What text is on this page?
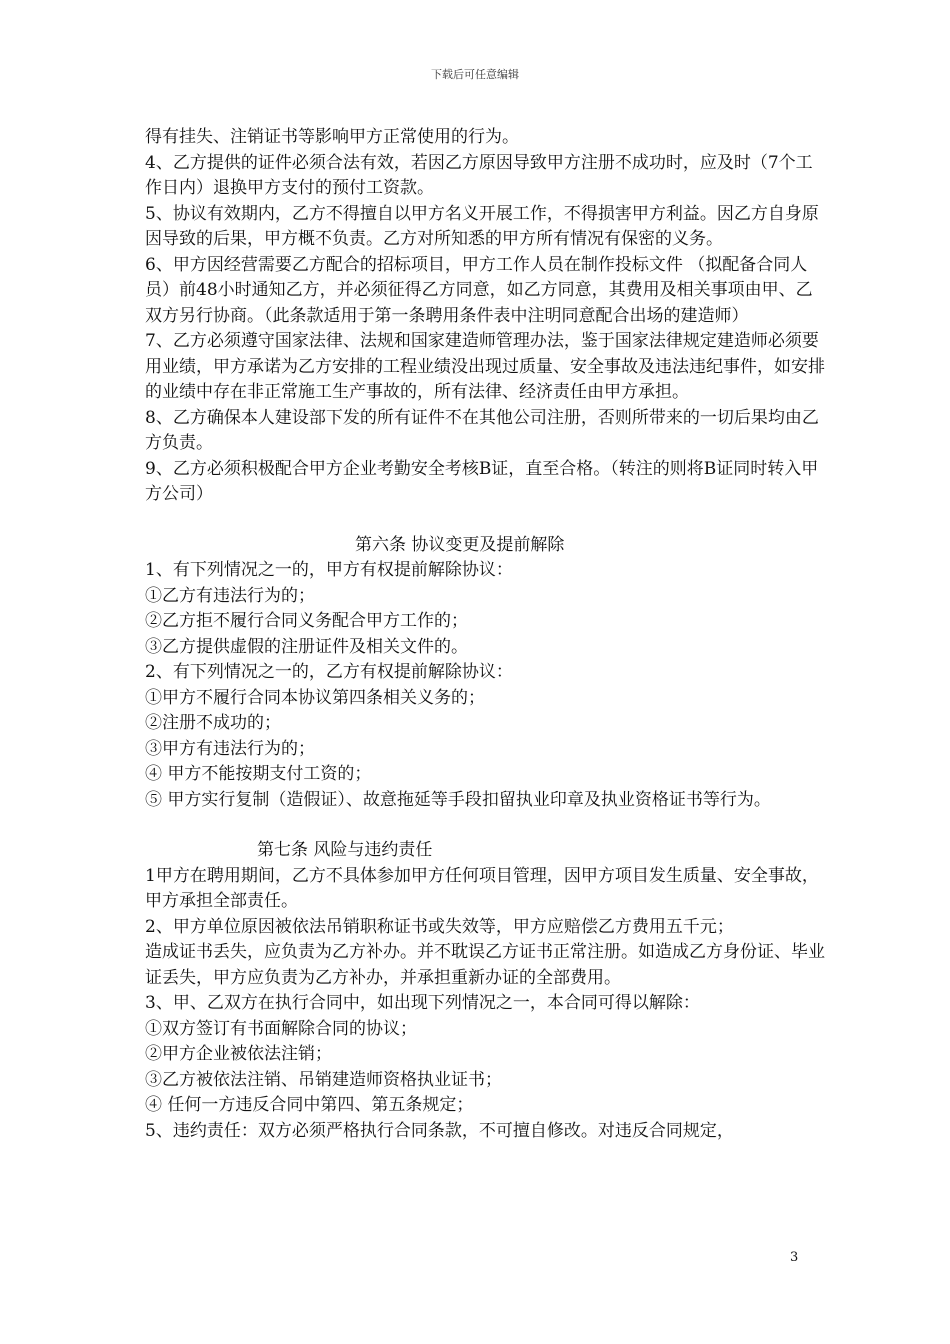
下载后可任意编辑

得有挂失、注销证书等影响甲方正常使用的行为。

4、乙方提供的证件必须合法有效，若因乙方原因导致甲方注册不成功时，应及时（7个工作日内）退换甲方支付的预付工资款。

5、协议有效期内，乙方不得擅自以甲方名义开展工作，不得损害甲方利益。因乙方自身原因导致的后果，甲方概不负责。乙方对所知悉的甲方所有情况有保密的义务。

6、甲方因经营需要乙方配合的招标项目，甲方工作人员在制作投标文件 （拟配备合同人员）前48小时通知乙方，并必须征得乙方同意，如乙方同意，其费用及相关事项由甲、乙双方另行协商。（此条款适用于第一条聘用条件表中注明同意配合出场的建造师）

7、乙方必须遵守国家法律、法规和国家建造师管理办法，鉴于国家法律规定建造师必须要用业绩，甲方承诺为乙方安排的工程业绩没出现过质量、安全事故及违法违纪事件，如安排的业绩中存在非正常施工生产事故的，所有法律、经济责任由甲方承担。

8、乙方确保本人建设部下发的所有证件不在其他公司注册，否则所带来的一切后果均由乙方负责。

9、乙方必须积极配合甲方企业考勤安全考核B证，直至合格。（转注的则将B证同时转入甲方公司）

第六条 协议变更及提前解除

1、有下列情况之一的，甲方有权提前解除协议：

①乙方有违法行为的；

②乙方拒不履行合同义务配合甲方工作的；

③乙方提供虚假的注册证件及相关文件的。

2、有下列情况之一的，乙方有权提前解除协议：

①甲方不履行合同本协议第四条相关义务的；

②注册不成功的；

③甲方有违法行为的；

④ 甲方不能按期支付工资的；

⑤ 甲方实行复制（造假证）、故意拖延等手段扣留执业印章及执业资格证书等行为。

第七条 风险与违约责任

1甲方在聘用期间，乙方不具体参加甲方任何项目管理，因甲方项目发生质量、安全事故，甲方承担全部责任。

2、甲方单位原因被依法吊销职称证书或失效等，甲方应赔偿乙方费用五千元；

造成证书丢失，应负责为乙方补办。并不耽误乙方证书正常注册。如造成乙方身份证、毕业证丢失，甲方应负责为乙方补办，并承担重新办证的全部费用。

3、甲、乙双方在执行合同中，如出现下列情况之一，本合同可得以解除：

①双方签订有书面解除合同的协议；

②甲方企业被依法注销；

③乙方被依法注销、吊销建造师资格执业证书；

④ 任何一方违反合同中第四、第五条规定；

5、违约责任：双方必须严格执行合同条款，不可擅自修改。对违反合同规定，

3
